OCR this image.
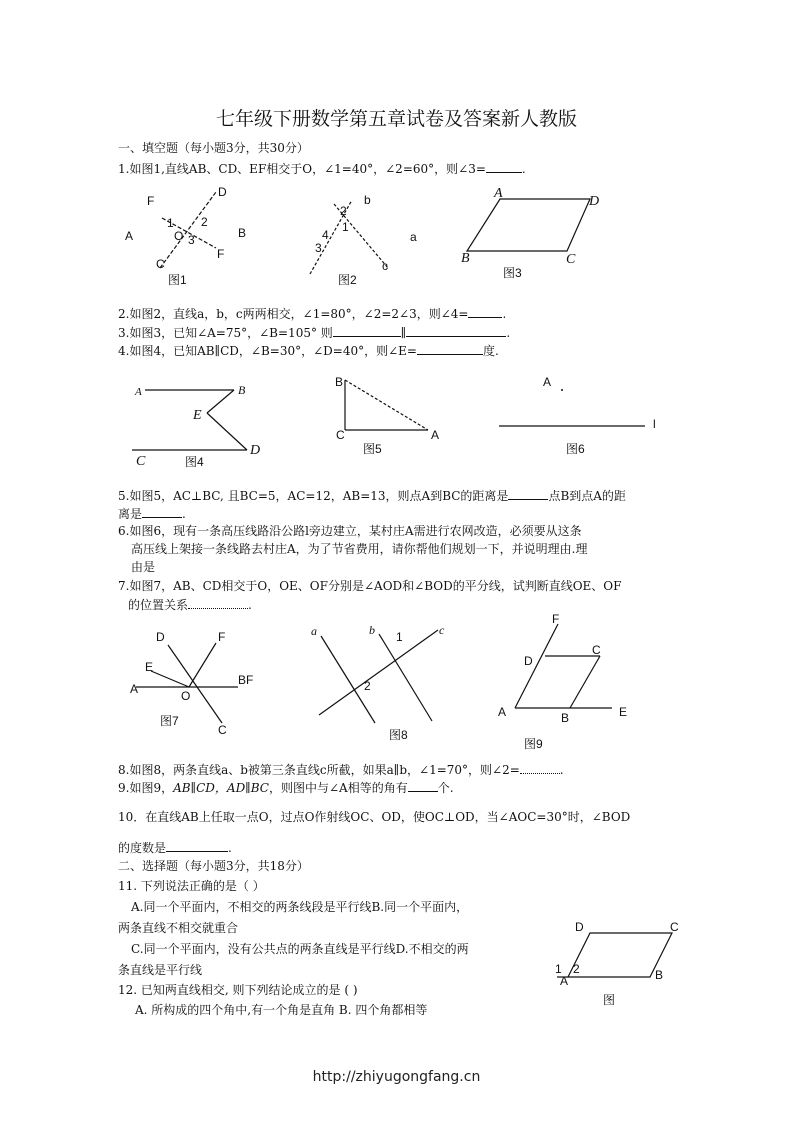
七年级下册数学第五章试卷及答案新人教版
一、填空题（每小题3分，共30分）
1.如图1,直线AB、CD、EF相交于O，∠1=40°，∠2=60°，则∠3=	.
F
D
1 2
O 3
A	B
C
F
图1
2
b
1
4
3
a
c
图2
A
D
B	C
图3
2.如图2，直线a，b，c两两相交，∠1=80°，∠2=2∠3，则∠4=	.
3.如图3，已知∠A=75°，∠B=105° 则	∥	.
4.如图4，已知AB∥CD，∠B=30°，∠D=40°，则∠E=	度.
A	B
E
C
D
图4
B
C	A
图5
A
l
图6
5.如图5，AC⊥BC, 且BC=5，AC=12，AB=13，则点A到BC的距离是	点B到点A的距
离是	.
6.如图6，现有一条高压线路沿公路l旁边建立，某村庄A需进行农网改造，必须要从这条
高压线上架接一条线路去村庄A，为了节省费用，请你帮他们规划一下，并说明理由.理
由是
7.如图7，AB、CD相交于O，OE、OF分别是∠AOD和∠BOD的平分线，试判断直线OE、OF
的位置关系	.
D	F
E
A	O
BF
C
图7
a	b 1	c
2
图8
F
D
C
A	B	E
图9
8.如图8，两条直线a、b被第三条直线c所截，如果a∥b，∠1=70°，则∠2=	.
9.如图9，AB∥CD，AD∥BC，则图中与∠A相等的角有	个.
10．在直线AB上任取一点O，过点O作射线OC、OD，使OC⊥OD，当∠AOC=30°时，∠BOD
的度数是	.
二、选择题（每小题3分，共18分）
11. 下列说法正确的是（ ）
A.同一个平面内，不相交的两条线段是平行线B.同一个平面内，
两条直线不相交就重合
C.同一个平面内，没有公共点的两条直线是平行线D.不相交的两
条直线是平行线
12. 已知两直线相交, 则下列结论成立的是 ( )
A. 所构成的四个角中,有一个角是直角 B. 四个角都相等
D	C
1 2
A	B
图
http://zhiyugongfang.cn
